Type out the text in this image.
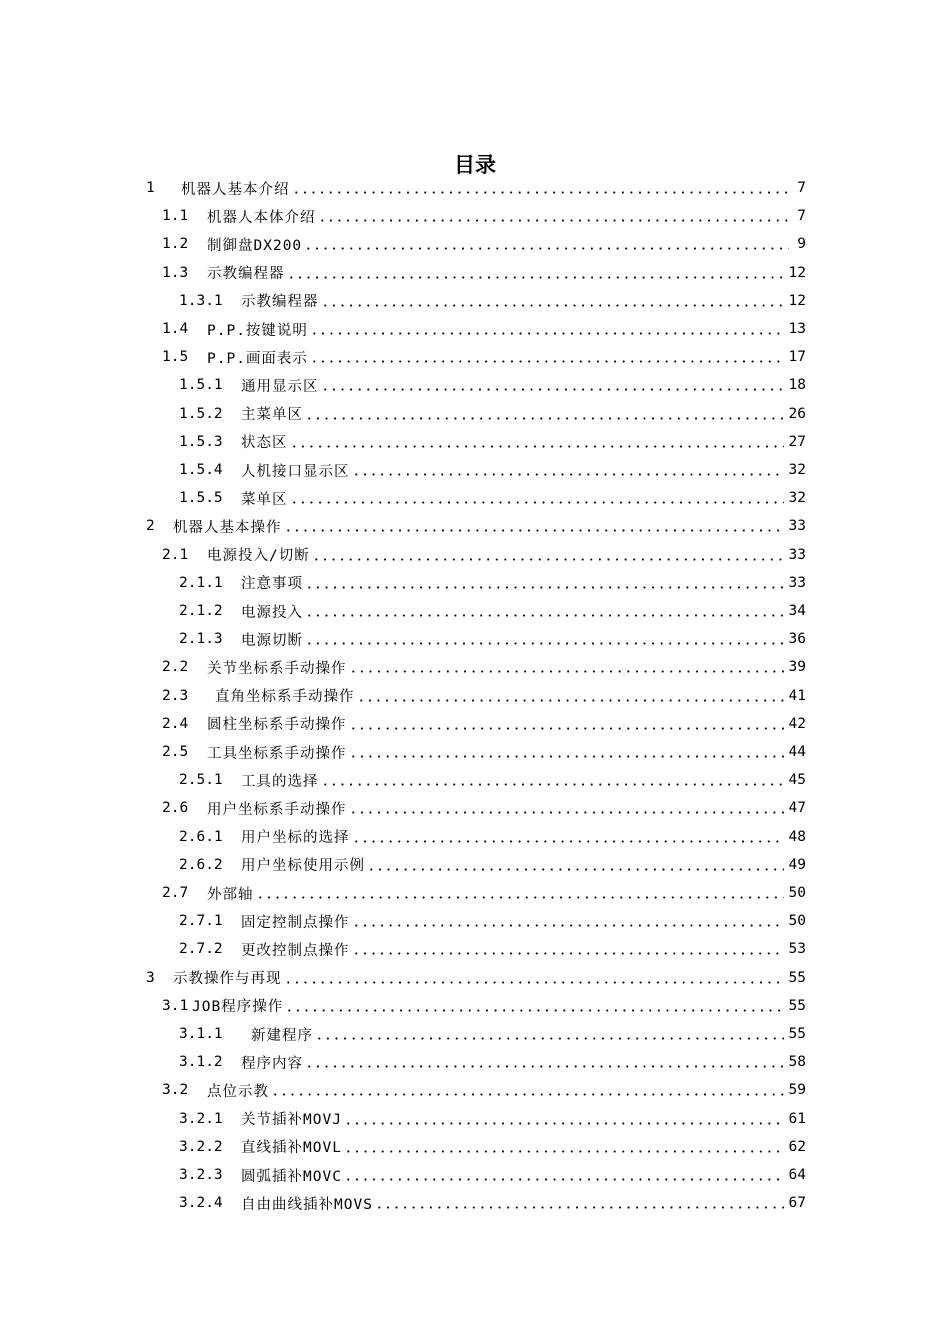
目录
1	机器人基本介绍	7
1.1	机器人本体介绍	7
1.2	制御盘DX200	9
1.3	示教编程器	12
1.3.1	示教编程器	12
1.4	P.P.按键说明	13
1.5	P.P.画面表示	17
1.5.1	通用显示区	18
1.5.2	主菜单区	26
1.5.3	状态区	27
1.5.4	人机接口显示区	32
1.5.5	菜单区	32
2	机器人基本操作	33
2.1	电源投入/切断	33
2.1.1	注意事项	33
2.1.2	电源投入	34
2.1.3	电源切断	36
2.2	关节坐标系手动操作	39
2.3	直角坐标系手动操作	41
2.4	圆柱坐标系手动操作	42
2.5	工具坐标系手动操作	44
2.5.1	工具的选择	45
2.6	用户坐标系手动操作	47
2.6.1	用户坐标的选择	48
2.6.2	用户坐标使用示例	49
2.7	外部轴	50
2.7.1	固定控制点操作	50
2.7.2	更改控制点操作	53
3	示教操作与再现	55
3.1 JOB程序操作	55
3.1.1	新建程序	55
3.1.2	程序内容	58
3.2	点位示教	59
3.2.1	关节插补MOVJ	61
3.2.2	直线插补MOVL	62
3.2.3	圆弧插补MOVC	64
3.2.4	自由曲线插补MOVS	67
